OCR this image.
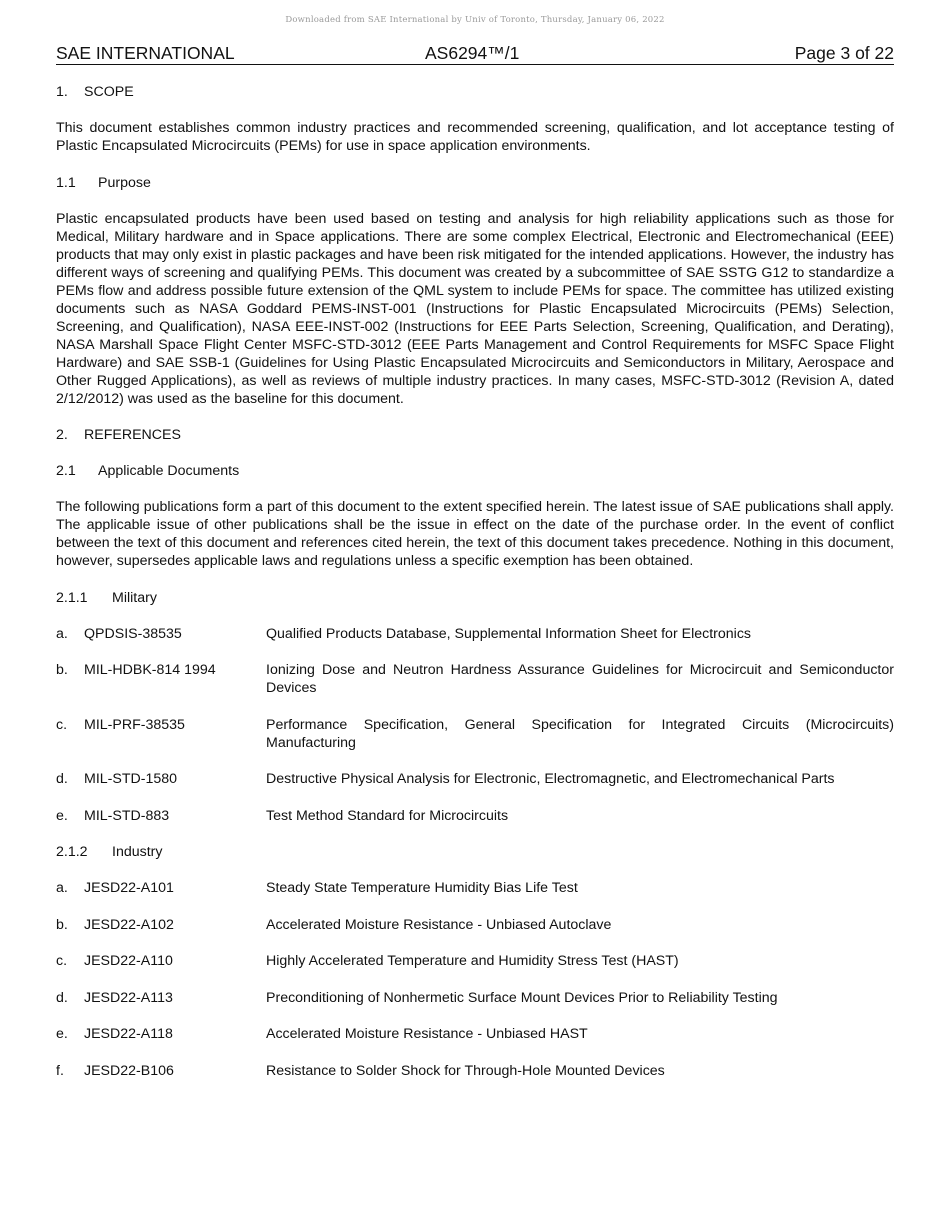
Downloaded from SAE International by Univ of Toronto, Thursday, January 06, 2022
SAE INTERNATIONAL	AS6294™/1	Page 3 of 22
1. SCOPE

This document establishes common industry practices and recommended screening, qualification, and lot acceptance testing of Plastic Encapsulated Microcircuits (PEMs) for use in space application environments.

1.1 Purpose

Plastic encapsulated products have been used based on testing and analysis for high reliability applications such as those for Medical, Military hardware and in Space applications. There are some complex Electrical, Electronic and Electromechanical (EEE) products that may only exist in plastic packages and have been risk mitigated for the intended applications. However, the industry has different ways of screening and qualifying PEMs. This document was created by a subcommittee of SAE SSTG G12 to standardize a PEMs flow and address possible future extension of the QML system to include PEMs for space. The committee has utilized existing documents such as NASA Goddard PEMS-INST-001 (Instructions for Plastic Encapsulated Microcircuits (PEMs) Selection, Screening, and Qualification), NASA EEE-INST-002 (Instructions for EEE Parts Selection, Screening, Qualification, and Derating), NASA Marshall Space Flight Center MSFC-STD-3012 (EEE Parts Management and Control Requirements for MSFC Space Flight Hardware) and SAE SSB-1 (Guidelines for Using Plastic Encapsulated Microcircuits and Semiconductors in Military, Aerospace and Other Rugged Applications), as well as reviews of multiple industry practices. In many cases, MSFC-STD-3012 (Revision A, dated 2/12/2012) was used as the baseline for this document.

2. REFERENCES
2.1 Applicable Documents

The following publications form a part of this document to the extent specified herein. The latest issue of SAE publications shall apply. The applicable issue of other publications shall be the issue in effect on the date of the purchase order. In the event of conflict between the text of this document and references cited herein, the text of this document takes precedence. Nothing in this document, however, supersedes applicable laws and regulations unless a specific exemption has been obtained.

2.1.1 Military
a. QPDSIS-38535	Qualified Products Database, Supplemental Information Sheet for Electronics
b. MIL-HDBK-814 1994	Ionizing Dose and Neutron Hardness Assurance Guidelines for Microcircuit and Semiconductor Devices
c. MIL-PRF-38535	Performance Specification, General Specification for Integrated Circuits (Microcircuits) Manufacturing
d. MIL-STD-1580	Destructive Physical Analysis for Electronic, Electromagnetic, and Electromechanical Parts
e. MIL-STD-883	Test Method Standard for Microcircuits
2.1.2 Industry
a. JESD22-A101	Steady State Temperature Humidity Bias Life Test
b. JESD22-A102	Accelerated Moisture Resistance - Unbiased Autoclave
c. JESD22-A110	Highly Accelerated Temperature and Humidity Stress Test (HAST)
d. JESD22-A113	Preconditioning of Nonhermetic Surface Mount Devices Prior to Reliability Testing
e. JESD22-A118	Accelerated Moisture Resistance - Unbiased HAST
f. JESD22-B106	Resistance to Solder Shock for Through-Hole Mounted Devices
